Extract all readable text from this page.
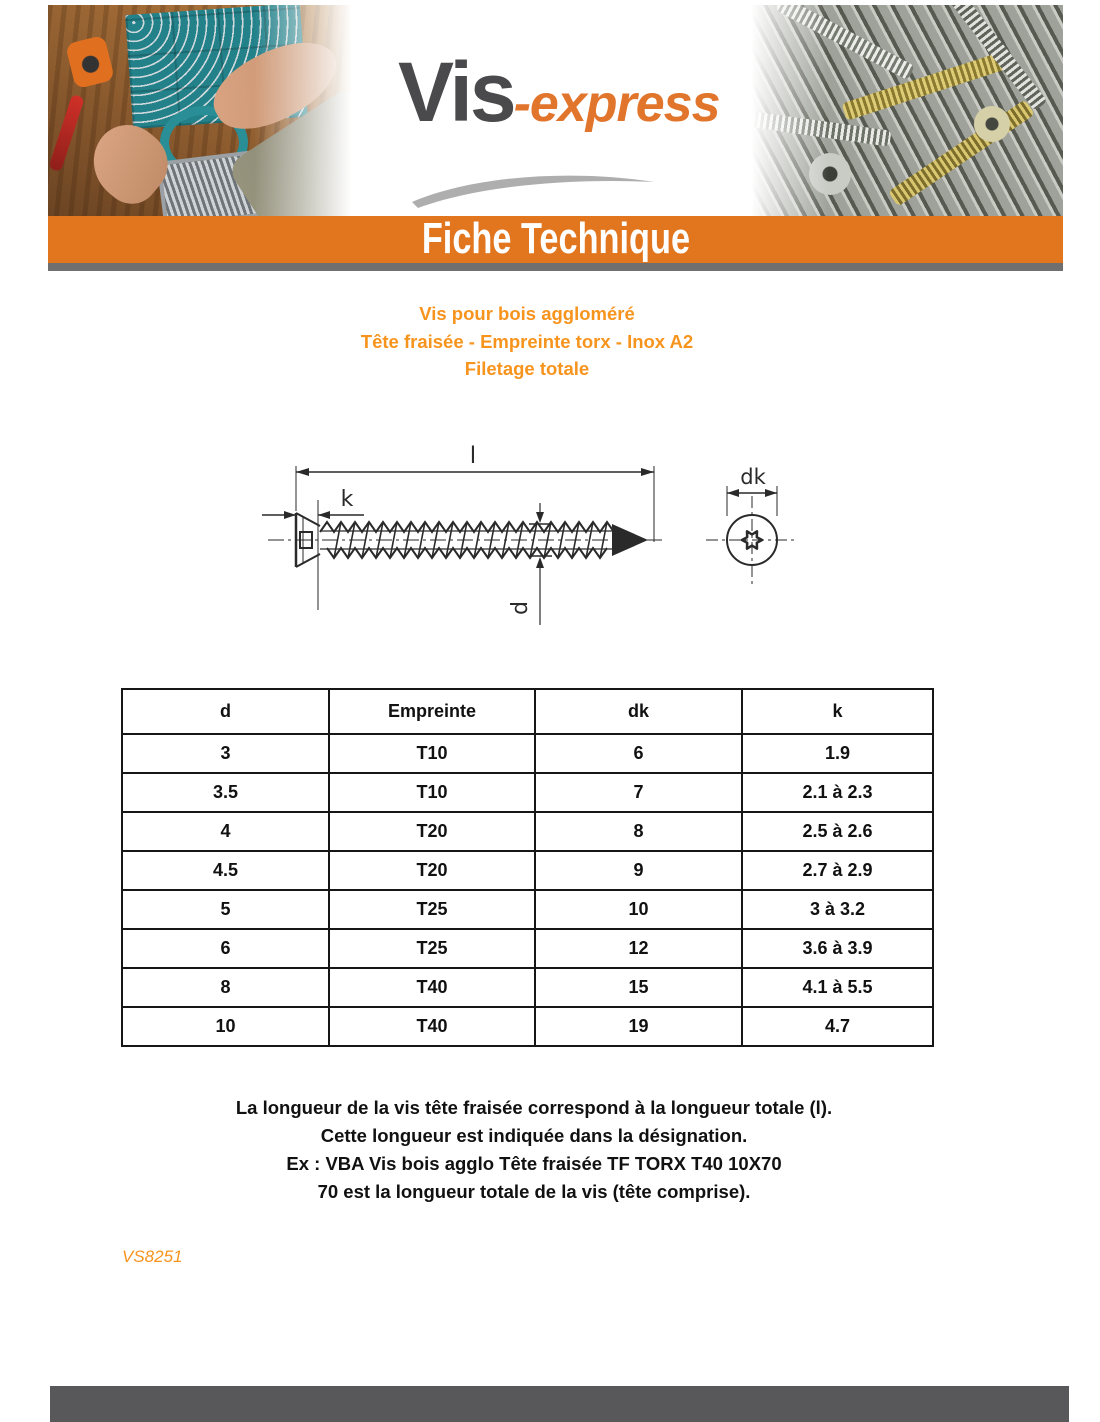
Vis-express
Fiche Technique
Vis pour bois aggloméré
Tête fraisée - Empreinte torx - Inox A2
Filetage totale
l
k
d
dk
d	Empreinte	dk	k
3	T10	6	1.9
3.5	T10	7	2.1 à 2.3
4	T20	8	2.5 à 2.6
4.5	T20	9	2.7 à 2.9
5	T25	10	3 à 3.2
6	T25	12	3.6 à 3.9
8	T40	15	4.1 à 5.5
10	T40	19	4.7
La longueur de la vis tête fraisée correspond à la longueur totale (l).
Cette longueur est indiquée dans la désignation.
Ex : VBA Vis bois agglo Tête fraisée TF TORX T40 10X70
70 est la longueur totale de la vis (tête comprise).
VS8251
